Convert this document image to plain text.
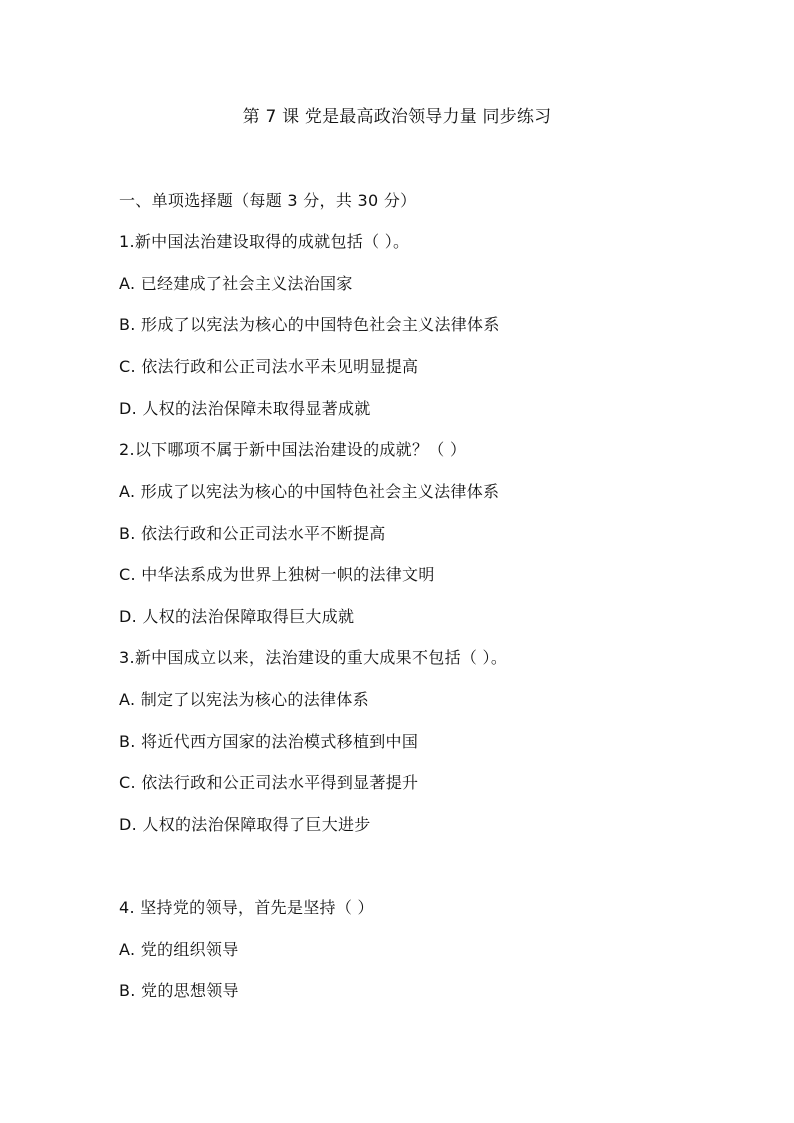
第 7 课 党是最高政治领导力量 同步练习
一、单项选择题（每题 3 分，共 30 分）
1.新中国法治建设取得的成就包括（ ）。
A. 已经建成了社会主义法治国家
B. 形成了以宪法为核心的中国特色社会主义法律体系
C. 依法行政和公正司法水平未见明显提高
D. 人权的法治保障未取得显著成就
2.以下哪项不属于新中国法治建设的成就？（ ）
A. 形成了以宪法为核心的中国特色社会主义法律体系
B. 依法行政和公正司法水平不断提高
C. 中华法系成为世界上独树一帜的法律文明
D. 人权的法治保障取得巨大成就
3.新中国成立以来，法治建设的重大成果不包括（ ）。
A. 制定了以宪法为核心的法律体系
B. 将近代西方国家的法治模式移植到中国
C. 依法行政和公正司法水平得到显著提升
D. 人权的法治保障取得了巨大进步
4. 坚持党的领导，首先是坚持（ ）
A. 党的组织领导
B. 党的思想领导
